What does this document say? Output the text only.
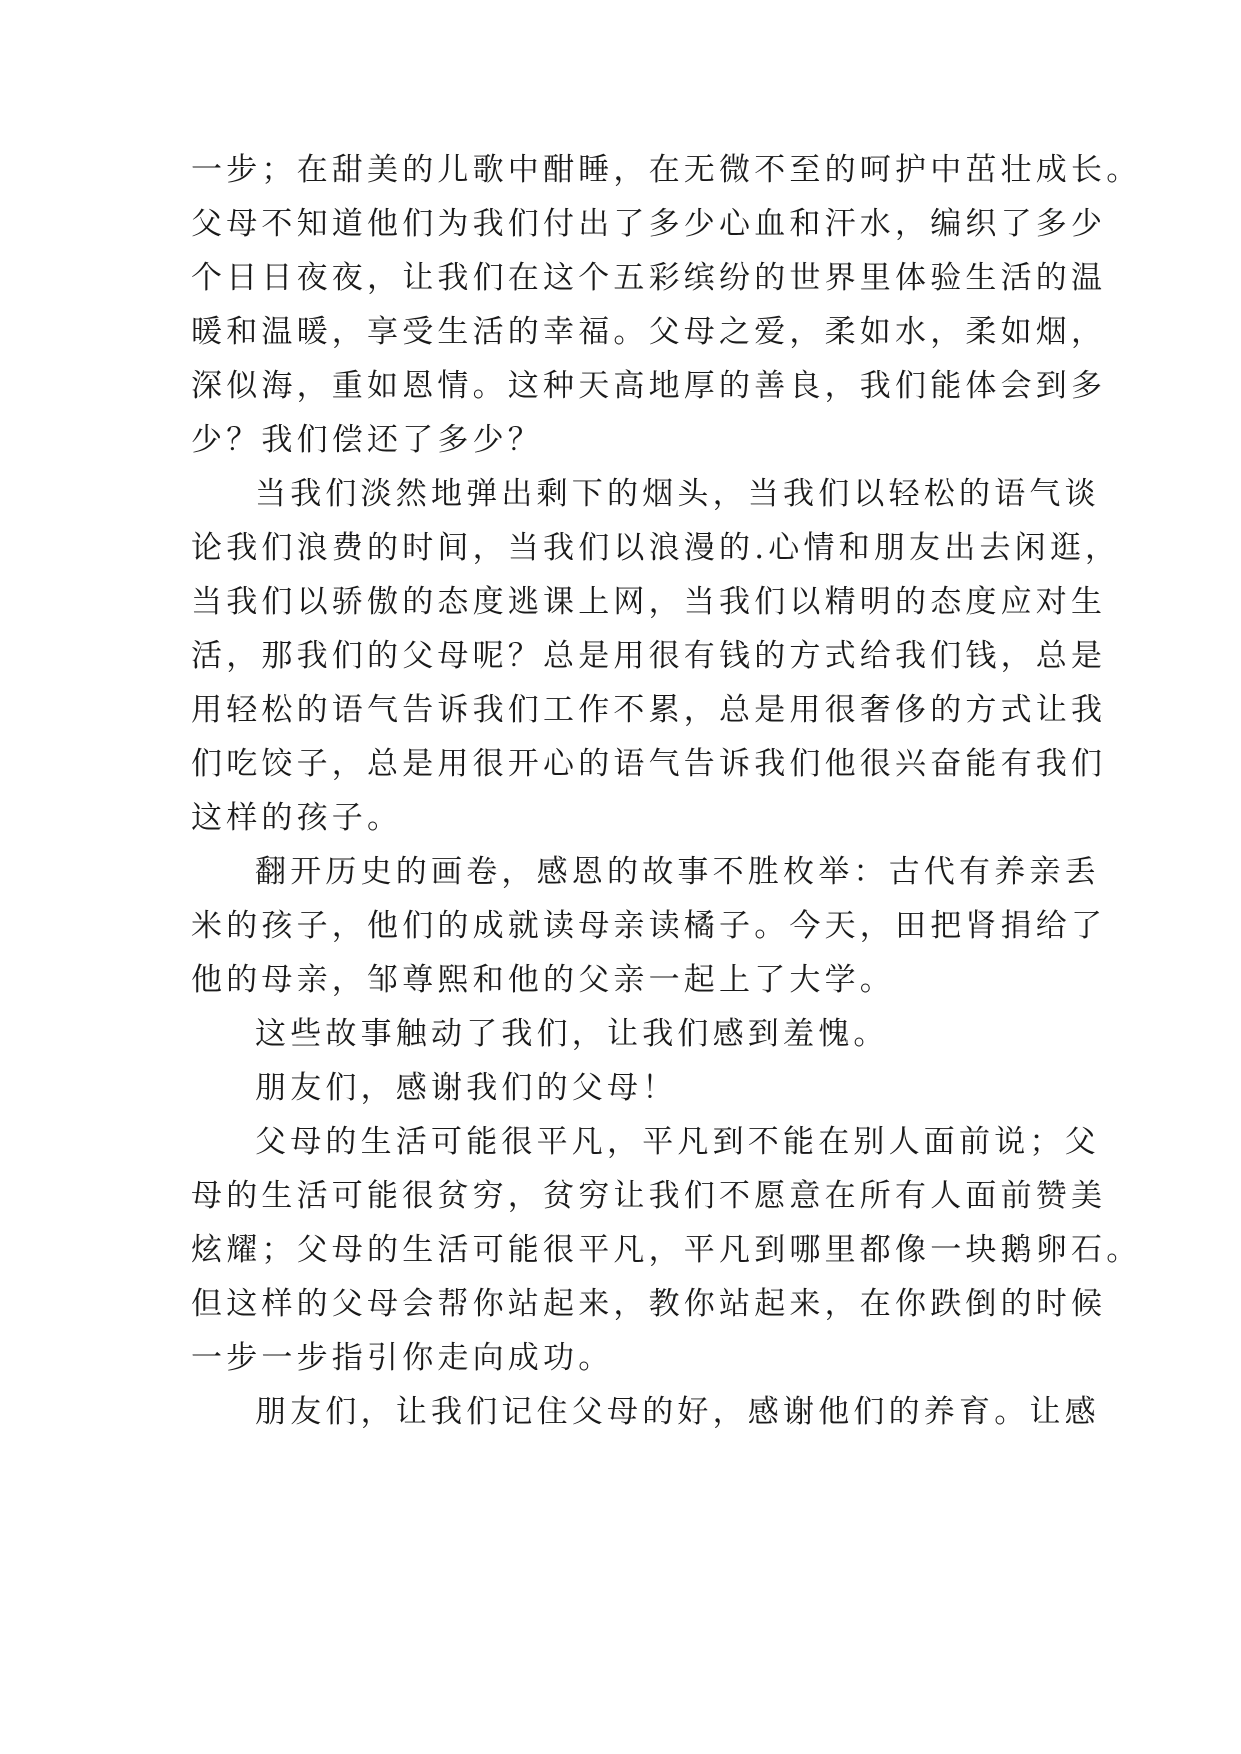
一步；在甜美的儿歌中酣睡，在无微不至的呵护中茁壮成长。
父母不知道他们为我们付出了多少心血和汗水，编织了多少
个日日夜夜，让我们在这个五彩缤纷的世界里体验生活的温
暖和温暖，享受生活的幸福。父母之爱，柔如水，柔如烟，
深似海，重如恩情。这种天高地厚的善良，我们能体会到多
少？我们偿还了多少？
当我们淡然地弹出剩下的烟头，当我们以轻松的语气谈
论我们浪费的时间，当我们以浪漫的.心情和朋友出去闲逛，
当我们以骄傲的态度逃课上网，当我们以精明的态度应对生
活，那我们的父母呢？总是用很有钱的方式给我们钱，总是
用轻松的语气告诉我们工作不累，总是用很奢侈的方式让我
们吃饺子，总是用很开心的语气告诉我们他很兴奋能有我们
这样的孩子。
翻开历史的画卷，感恩的故事不胜枚举：古代有养亲丢
米的孩子，他们的成就读母亲读橘子。今天，田把肾捐给了
他的母亲，邹尊熙和他的父亲一起上了大学。
这些故事触动了我们，让我们感到羞愧。
朋友们，感谢我们的父母！
父母的生活可能很平凡，平凡到不能在别人面前说；父
母的生活可能很贫穷，贫穷让我们不愿意在所有人面前赞美
炫耀；父母的生活可能很平凡，平凡到哪里都像一块鹅卵石。
但这样的父母会帮你站起来，教你站起来，在你跌倒的时候
一步一步指引你走向成功。
朋友们，让我们记住父母的好，感谢他们的养育。让感
